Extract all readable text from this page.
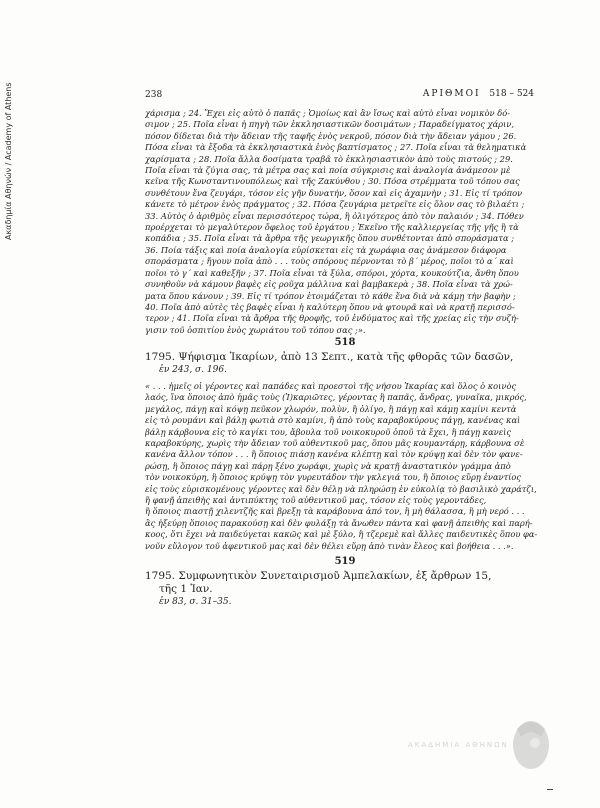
Ακαδημία Αθηνών / Academy of Athens	238	ΑΡΙΘΜΟΙ 518 – 524
χάρισμα ; 24. Ἔχει εἰς αὐτὸ ὁ παπᾶς ; Ὁμοίως καὶ ἂν ἴσως καὶ αὐτὸ εἶναι νομικὸν δό-
σιμον ; 25. Ποῖα εἶναι ἡ πηγὴ τῶν ἐκκλησιαστικῶν δοσιμάτων ; Παραδείγματος χάριν,
πόσον δίδεται διὰ τὴν ἄδειαν τῆς ταφῆς ἑνὸς νεκροῦ, πόσον διὰ τὴν ἄδειαν γάμου ; 26.
Πόσα εἶναι τὰ ἔξοδα τὰ ἐκκλησιαστικὰ ἑνὸς βαπτίσματος ; 27. Ποῖα εἶναι τὰ θεληματικὰ
χαρίσματα ; 28. Ποῖα ἄλλα δοσίματα τραβᾶ τὸ ἐκκλησιαστικὸν ἀπὸ τοὺς πιστούς ; 29.
Ποῖα εἶναι τὰ ζύγια σας, τὰ μέτρα σας καὶ ποία σύγκρισις καὶ ἀναλογία ἀνάμεσον μὲ
κεῖνα τῆς Κωνσταντινουπόλεως καὶ τῆς Ζακύνθου ; 30. Πόσα στρέμματα τοῦ τόπου σας
συνθέτουν ἕνα ζευγάρι, τόσον εἰς γῆν δυνατήν, ὅσον καὶ εἰς ἀχαμνὴν ; 31. Εἰς τί τρόπον
κάνετε τὸ μέτρον ἑνὸς πράγματος ; 32. Πόσα ζευγάρια μετρεῖτε εἰς ὅλον σας τὸ βιλαέτι ;
33. Αὐτὸς ὁ ἀριθμὸς εἶναι περισσότερος τώρα, ἢ ὀλιγότερος ἀπὸ τὸν παλαιόν ; 34. Πόθεν
προέρχεται τὸ μεγαλύτερον ὄφελος τοῦ ἐργάτου ; Ἐκεῖνο τῆς καλλιεργείας τῆς γῆς ἢ τὰ
κοπάδια ; 35. Ποῖα εἶναι τὰ ἄρθρα τῆς γεωργικῆς ὅπου συνθέτονται ἀπὸ σποράσματα ;
36. Ποία τάξις καὶ ποία ἀναλογία εὑρίσκεται εἰς τὰ χωράφια σας ἀνάμεσον διάφορα
σποράσματα ; ἤγουν ποῖα ἀπὸ . . . τοὺς σπόρους πέρνονται τὸ β΄ μέρος, ποῖοι τὸ α΄ καὶ
ποῖοι τὸ γ΄ καὶ καθεξῆν ; 37. Ποῖα εἶναι τὰ ξύλα, σπόροι, χόρτα, κουκούτζια, ἄνθη ὅπου
συνηθοῦν νὰ κάμουν βαφὲς εἰς ροῦχα μάλλινα καὶ βαμβακερὰ ; 38. Ποῖα εἶναι τὰ χρώ-
ματα ὅπου κάνουν ; 39. Εἰς τί τρόπον ἑτοιμάζεται τὸ κάθε ἕνα διὰ νὰ κάμῃ τὴν βαφὴν ;
40. Ποῖα ἀπὸ αὐτὲς τὲς βαφὲς εἶναι ἡ καλύτερη ὅπου νὰ φτουρᾶ καὶ νὰ κρατῇ περισσό-
τερον ; 41. Ποῖα εἶναι τὰ ἄρθρα τῆς θροφῆς, τοῦ ἐνδύματος καὶ τῆς χρείας εἰς τὴν συζή-
γισιν τοῦ ὁσπιτίου ἑνὸς χωριάτου τοῦ τόπου σας ;».
518
1795. Ψήφισμα Ἰκαρίων, ἀπὸ 13 Σεπτ., κατὰ τῆς φθορᾶς τῶν δασῶν,
ἐν 243, σ. 196.
« . . . ἡμεῖς οἱ γέροντες καὶ παπάδες καὶ προεστοὶ τῆς νήσου Ἰκαρίας καὶ ὅλος ὁ κοινὸς
λαός, ἵνα ὅποιος ἀπὸ ἡμᾶς τοὺς (Ἰ)καριῶτες, γέροντας ἢ παπᾶς, ἄνδρας, γυναῖκα, μικρός,
μεγάλος, πάγῃ καὶ κόψῃ πεῦκον χλωρόν, πολὺν, ἢ ὀλίγο, ἢ πάγῃ καὶ κάμῃ καμίνι κεντὰ
εἰς τὸ ρουμάνι καὶ βάλῃ φωτιὰ στὸ καμίνι, ἢ ἀπὸ τοὺς καραβοκύρους πάγῃ, κανένας καὶ
βάλῃ κάρβουνα εἰς τὸ καγίκι του, ἄβουλα τοῦ νοικοκυροῦ ὁποῦ τὰ ἔχει, ἢ πάγῃ κανεὶς
καραβοκύρης, χωρὶς τὴν ἄδειαν τοῦ αὐθεντικοῦ μας, ὅπου μᾶς κουμαντάρῃ, κάρβουνα σὲ
κανένα ἄλλον τόπον . . . ἢ ὅποιος πιάσῃ κανένα κλέπτῃ καὶ τὸν κρύψῃ καὶ δὲν τὸν φανε-
ρώσῃ, ἢ ὅποιος πάγῃ καὶ πάρῃ ξένο χωράφι, χωρὶς νὰ κρατῇ ἀναστατικὸν γράμμα ἀπὸ
τὸν νοικοκύρη, ἢ ὅποιος κρύψῃ τὸν γυρευτάδον τὴν γκλεγιά του, ἢ ὅποιος εὕρῃ ἐναντίος
εἰς τοὺς εὑρισκομένους γέροντες καὶ δὲν θέλῃ νὰ πληρώσῃ ἐν εὐκολίᾳ τὸ βασιλικὸ χαράτζι,
ἢ φανῇ ἀπειθὴς καὶ ἀντιπύκτης τοῦ αὐθεντικοῦ μας, τόσον εἰς τοὺς γεροντάδες,
ἢ ὅποιος πιαστῇ χιλεντζῆς καὶ βρεξῃ τὰ καράβουνα ἀπό τον, ἢ μὴ θάλασσα, ἢ μὴ νερό . . .
ἂς ἠξεύρῃ ὅποιος παρακούσῃ καὶ δὲν φυλάξῃ τὰ ἄνωθεν πάντα καὶ φανῇ ἀπειθὴς καὶ παρή-
κοος, ὅτι ἔχει νὰ παιδεύγεται κακῶς καὶ μὲ ξύλο, ἢ τζερεμὲ καὶ ἄλλες παιδευτικὲς ὅπου φα-
νοῦν εὔλογον τοῦ ἀφεντικοῦ μας καὶ δὲν θέλει εὕρῃ ἀπὸ τινὰν ἔλεος καὶ βοήθεια . . .».
519
1795. Συμφωνητικὸν Συνεταιρισμοῦ Ἀμπελακίων, ἐξ ἄρθρων 15,
τῆς 1 Ἰαν.
ἐν 83, σ. 31–35.
ΑΚΑΔΗΜΙΑ ΑΘΗΝΩΝ
